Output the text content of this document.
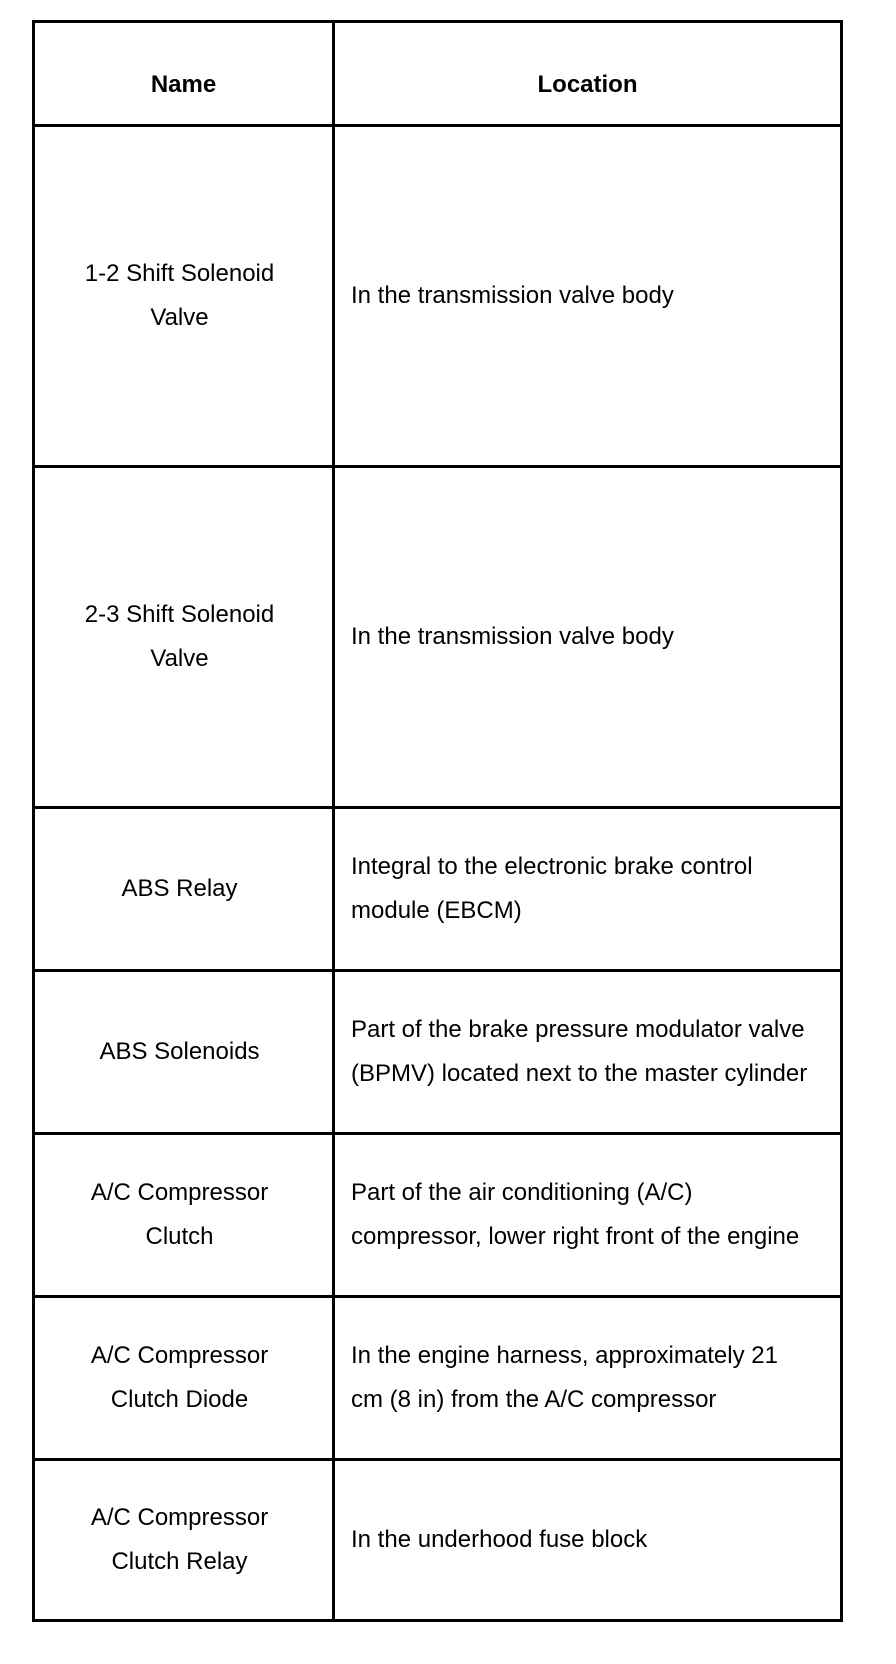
Name	Location
1-2 Shift Solenoid Valve	In the transmission valve body
2-3 Shift Solenoid Valve	In the transmission valve body
ABS Relay	Integral to the electronic brake control module (EBCM)
ABS Solenoids	Part of the brake pressure modulator valve (BPMV) located next to the master cylinder
A/C Compressor Clutch	Part of the air conditioning (A/C) compressor, lower right front of the engine
A/C Compressor Clutch Diode	In the engine harness, approximately 21 cm (8 in) from the A/C compressor
A/C Compressor Clutch Relay	In the underhood fuse block
